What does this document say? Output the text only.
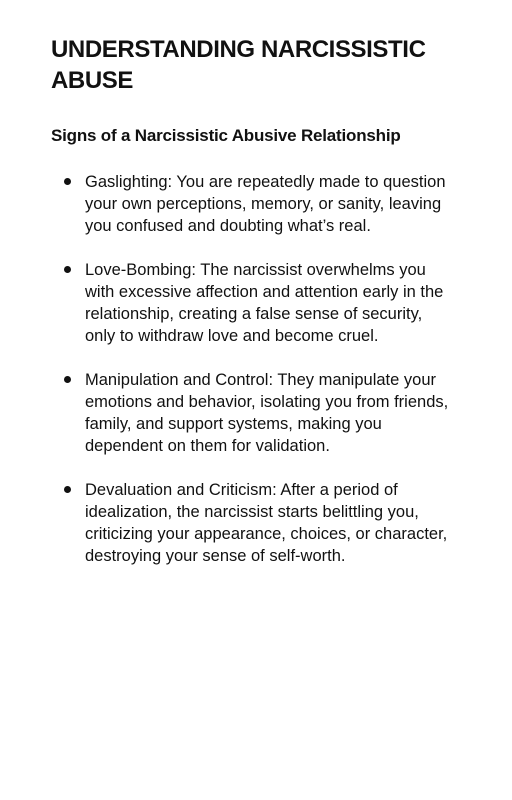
UNDERSTANDING NARCISSISTIC ABUSE
Signs of a Narcissistic Abusive Relationship
Gaslighting: You are repeatedly made to question your own perceptions, memory, or sanity, leaving you confused and doubting what’s real.
Love-Bombing: The narcissist overwhelms you with excessive affection and attention early in the relationship, creating a false sense of security, only to withdraw love and become cruel.
Manipulation and Control: They manipulate your emotions and behavior, isolating you from friends, family, and support systems, making you dependent on them for validation.
Devaluation and Criticism: After a period of idealization, the narcissist starts belittling you, criticizing your appearance, choices, or character, destroying your sense of self-worth.
